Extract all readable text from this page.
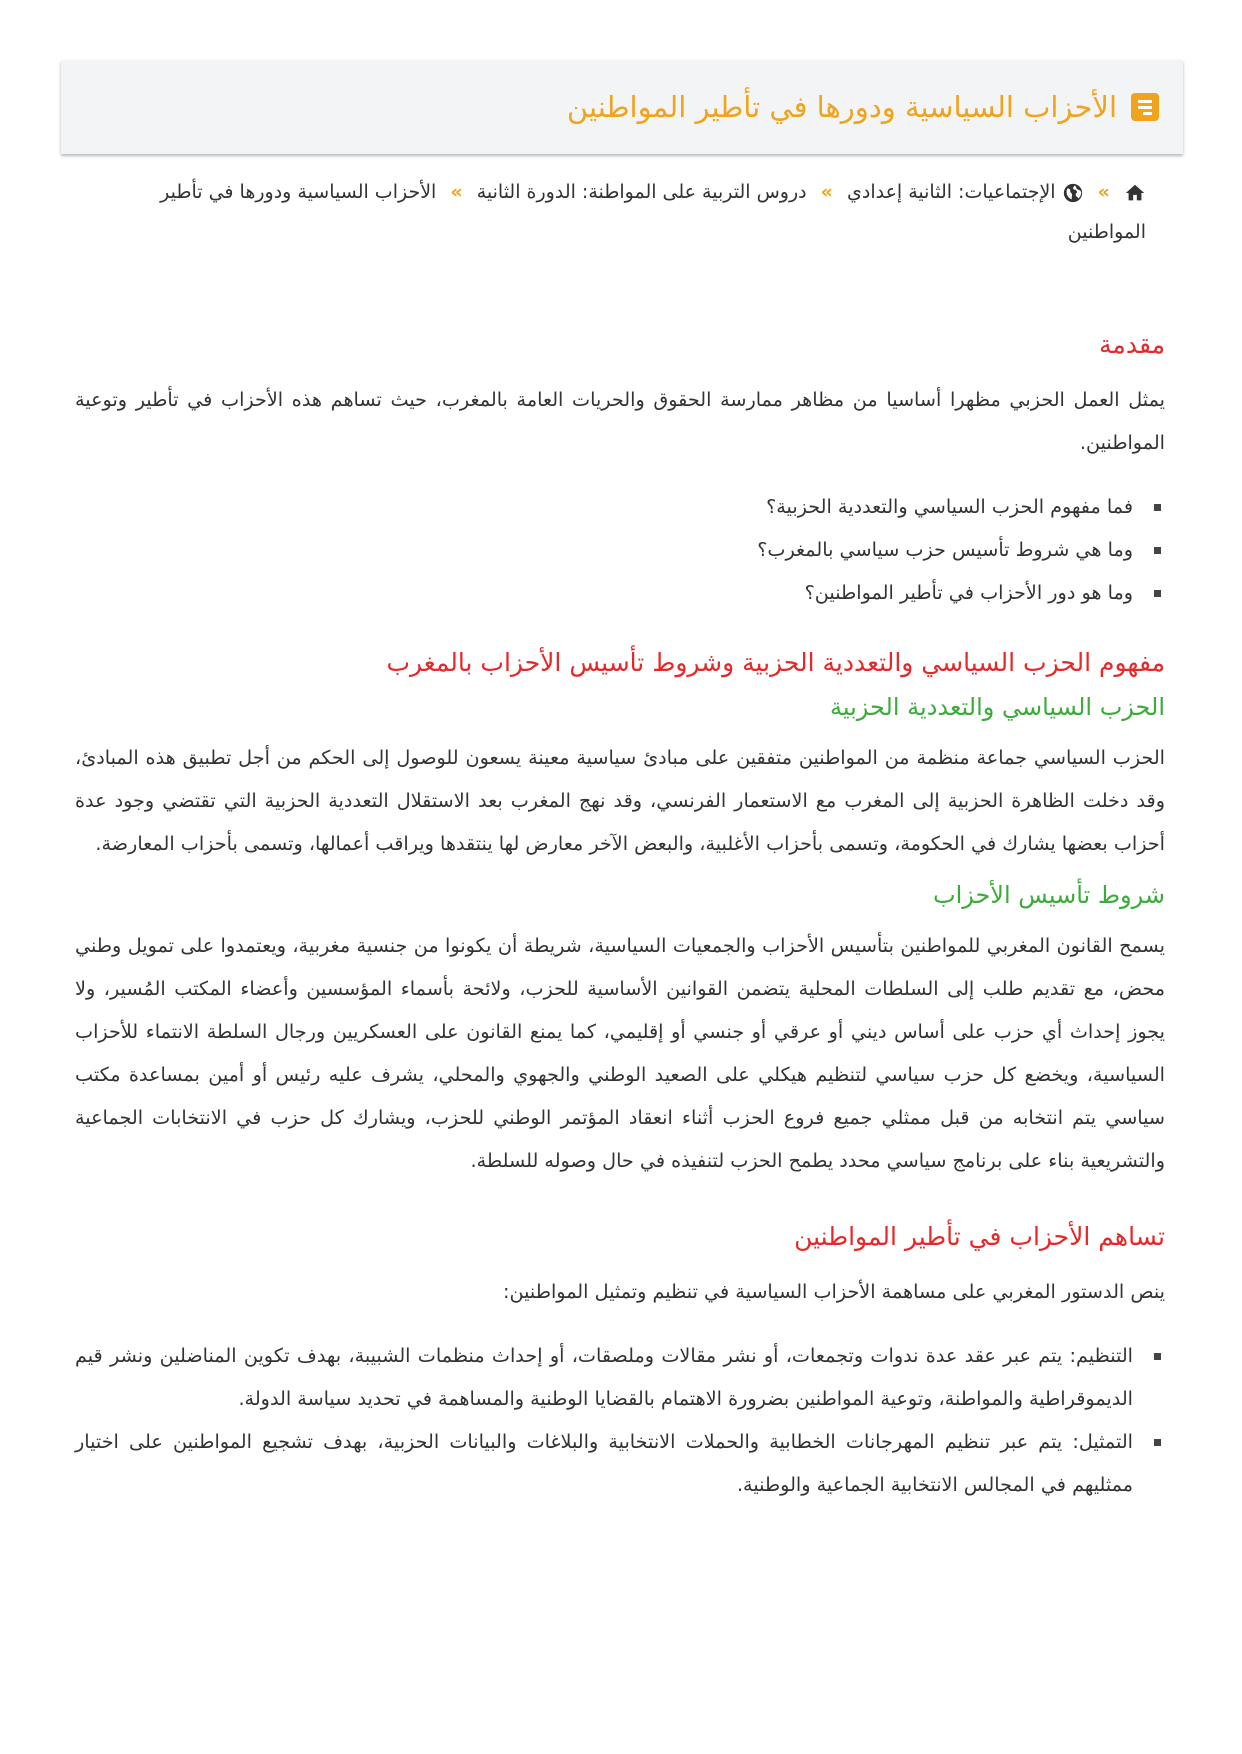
الأحزاب السياسية ودورها في تأطير المواطنين
»  الإجتماعيات: الثانية إعدادي » دروس التربية على المواطنة: الدورة الثانية » الأحزاب السياسية ودورها في تأطير المواطنين
مقدمة

يمثل العمل الحزبي مظهرا أساسيا من مظاهر ممارسة الحقوق والحريات العامة بالمغرب، حيث تساهم هذه الأحزاب في تأطير وتوعية المواطنين.

فما مفهوم الحزب السياسي والتعددية الحزبية؟
وما هي شروط تأسيس حزب سياسي بالمغرب؟
وما هو دور الأحزاب في تأطير المواطنين؟
مفهوم الحزب السياسي والتعددية الحزبية وشروط تأسيس الأحزاب بالمغرب
الحزب السياسي والتعددية الحزبية

الحزب السياسي جماعة منظمة من المواطنين متفقين على مبادئ سياسية معينة يسعون للوصول إلى الحكم من أجل تطبيق هذه المبادئ، وقد دخلت الظاهرة الحزبية إلى المغرب مع الاستعمار الفرنسي، وقد نهج المغرب بعد الاستقلال التعددية الحزبية التي تقتضي وجود عدة أحزاب بعضها يشارك في الحكومة، وتسمى بأحزاب الأغلبية، والبعض الآخر معارض لها ينتقدها ويراقب أعمالها، وتسمى بأحزاب المعارضة.

شروط تأسيس الأحزاب

يسمح القانون المغربي للمواطنين بتأسيس الأحزاب والجمعيات السياسية، شريطة أن يكونوا من جنسية مغربية، ويعتمدوا على تمويل وطني محض، مع تقديم طلب إلى السلطات المحلية يتضمن القوانين الأساسية للحزب، ولائحة بأسماء المؤسسين وأعضاء المكتب المُسير، ولا يجوز إحداث أي حزب على أساس ديني أو عرقي أو جنسي أو إقليمي، كما يمنع القانون على العسكريين ورجال السلطة الانتماء للأحزاب السياسية، ويخضع كل حزب سياسي لتنظيم هيكلي على الصعيد الوطني والجهوي والمحلي، يشرف عليه رئيس أو أمين بمساعدة مكتب سياسي يتم انتخابه من قبل ممثلي جميع فروع الحزب أثناء انعقاد المؤتمر الوطني للحزب، ويشارك كل حزب في الانتخابات الجماعية والتشريعية بناء على برنامج سياسي محدد يطمح الحزب لتنفيذه في حال وصوله للسلطة.

تساهم الأحزاب في تأطير المواطنين

ينص الدستور المغربي على مساهمة الأحزاب السياسية في تنظيم وتمثيل المواطنين:

التنظيم: يتم عبر عقد عدة ندوات وتجمعات، أو نشر مقالات وملصقات، أو إحداث منظمات الشبيبة، بهدف تكوين المناضلين ونشر قيم الديموقراطية والمواطنة، وتوعية المواطنين بضرورة الاهتمام بالقضايا الوطنية والمساهمة في تحديد سياسة الدولة.
التمثيل: يتم عبر تنظيم المهرجانات الخطابية والحملات الانتخابية والبلاغات والبيانات الحزبية، بهدف تشجيع المواطنين على اختيار ممثليهم في المجالس الانتخابية الجماعية والوطنية.
